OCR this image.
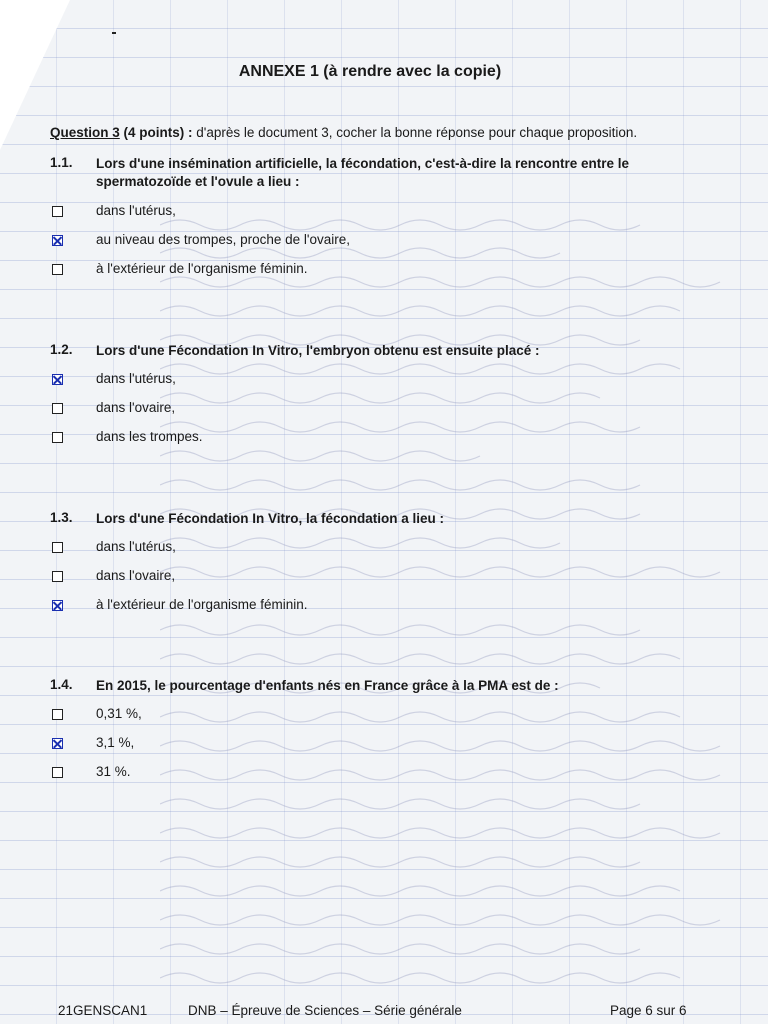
ANNEXE 1 (à rendre avec la copie)
Question 3 (4 points) : d'après le document 3, cocher la bonne réponse pour chaque proposition.
1.1. Lors d'une insémination artificielle, la fécondation, c'est-à-dire la rencontre entre le spermatozoïde et l'ovule a lieu :
dans l'utérus,
au niveau des trompes, proche de l'ovaire,
à l'extérieur de l'organisme féminin.
1.2. Lors d'une Fécondation In Vitro, l'embryon obtenu est ensuite placé :
dans l'utérus,
dans l'ovaire,
dans les trompes.
1.3. Lors d'une Fécondation In Vitro, la fécondation a lieu :
dans l'utérus,
dans l'ovaire,
à l'extérieur de l'organisme féminin.
1.4. En 2015, le pourcentage d'enfants nés en France grâce à la PMA est de :
0,31 %,
3,1 %,
31 %.
21GENSCAN1	DNB – Épreuve de Sciences – Série générale	Page 6 sur 6
